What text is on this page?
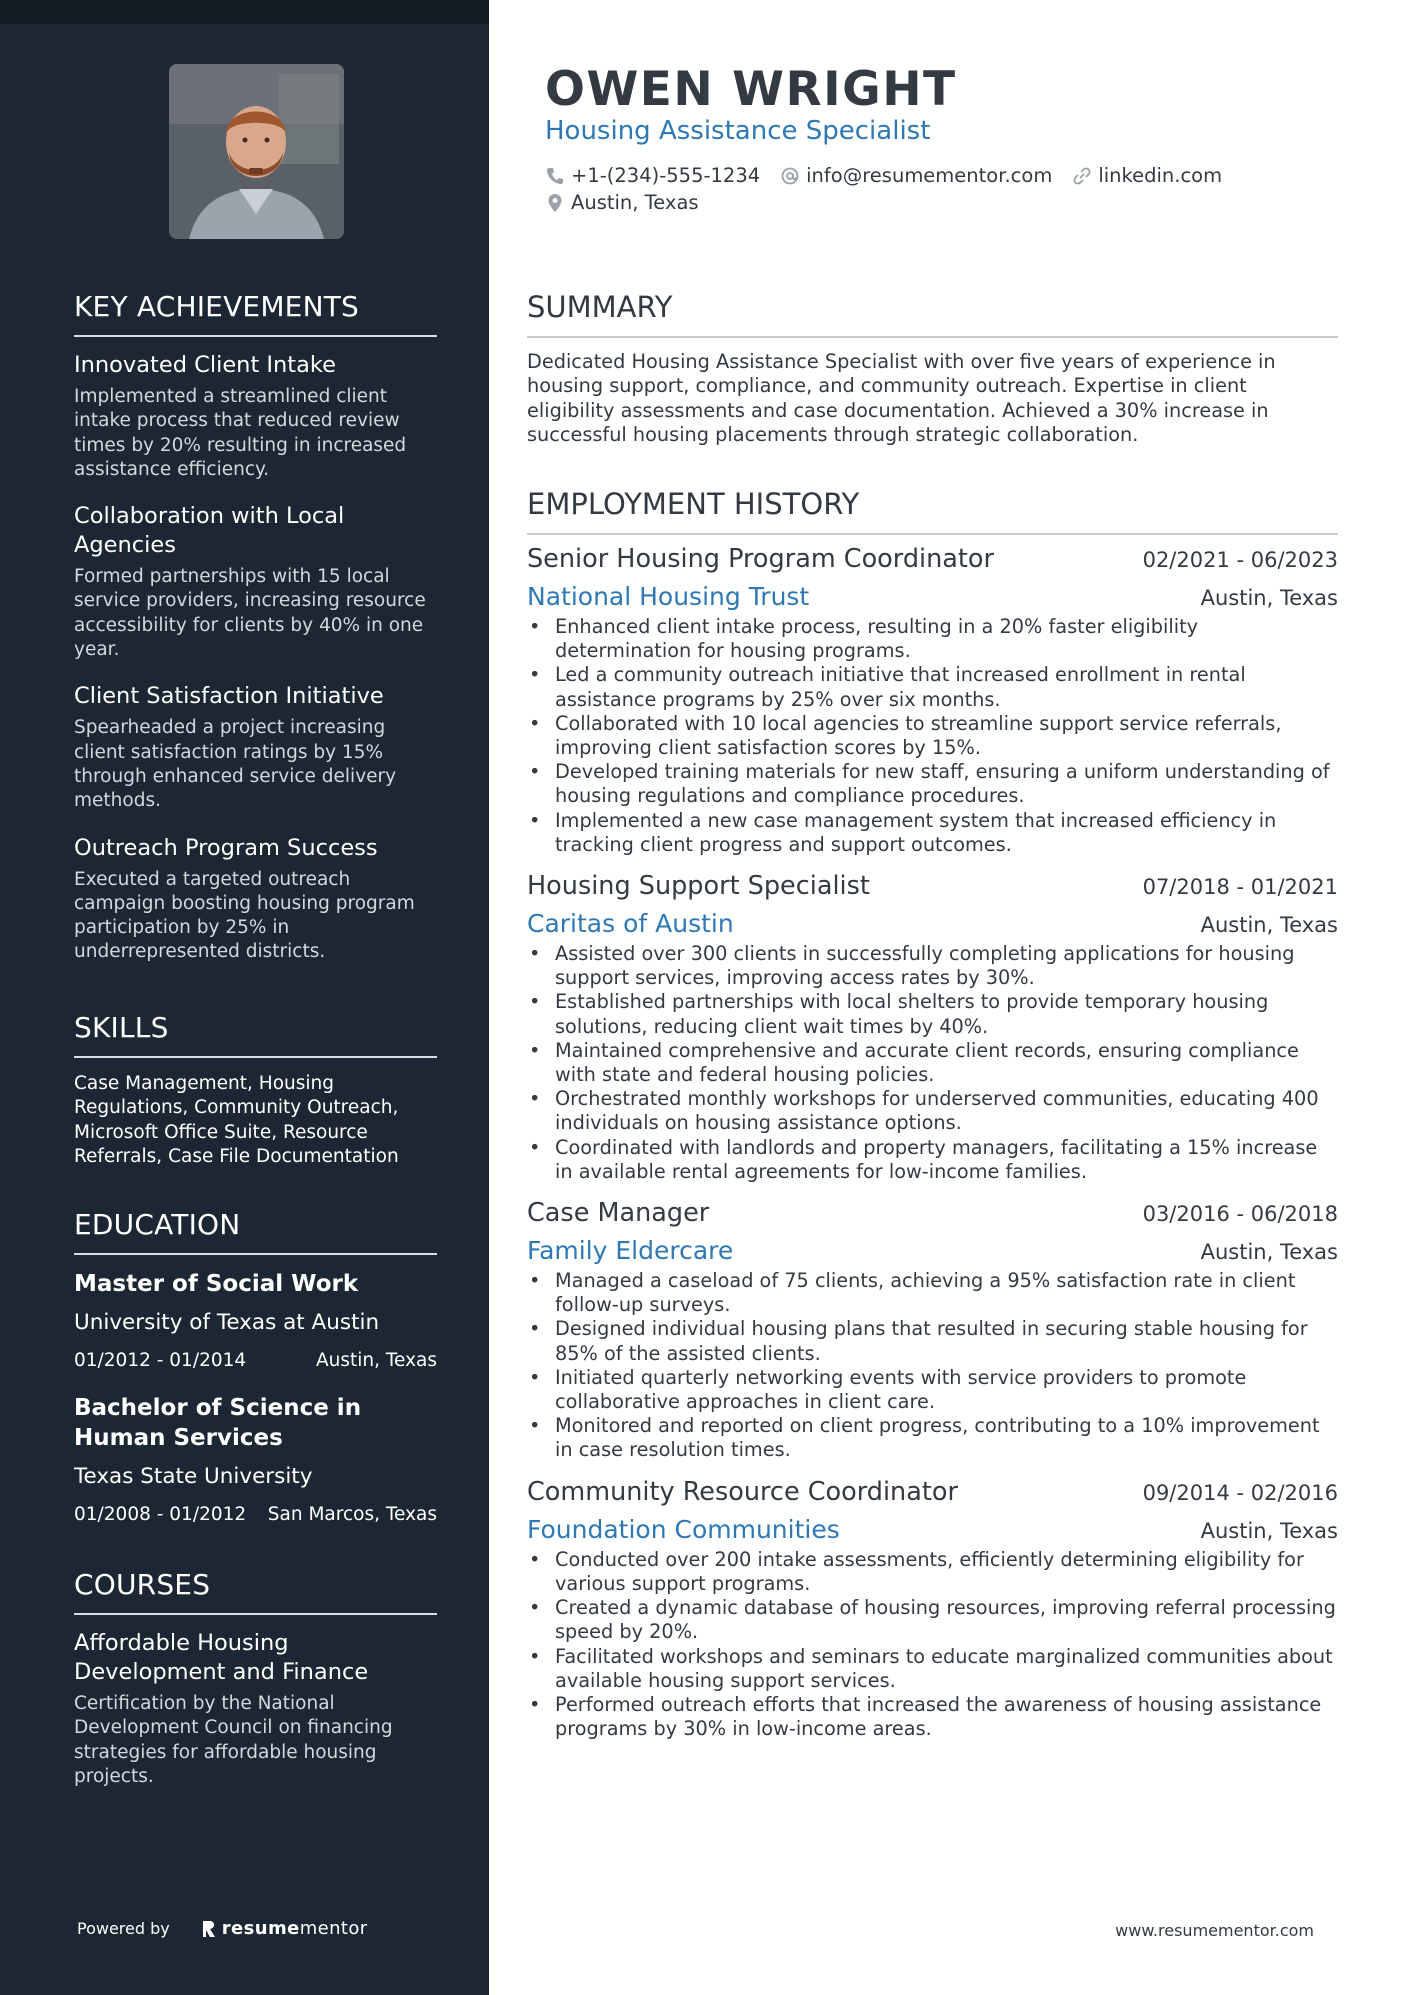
KEY ACHIEVEMENTS
Innovated Client Intake
Implemented a streamlined client intake process that reduced review times by 20% resulting in increased assistance efficiency.
Collaboration with Local Agencies
Formed partnerships with 15 local service providers, increasing resource accessibility for clients by 40% in one year.
Client Satisfaction Initiative
Spearheaded a project increasing client satisfaction ratings by 15% through enhanced service delivery methods.
Outreach Program Success
Executed a targeted outreach campaign boosting housing program participation by 25% in underrepresented districts.
SKILLS
Case Management, Housing Regulations, Community Outreach, Microsoft Office Suite, Resource Referrals, Case File Documentation
EDUCATION
Master of Social Work
University of Texas at Austin
01/2012 - 01/2014	Austin, Texas
Bachelor of Science in Human Services
Texas State University
01/2008 - 01/2012 San Marcos, Texas
COURSES
Affordable Housing Development and Finance
Certification by the National Development Council on financing strategies for affordable housing projects.
Powered by	resumementor
OWEN WRIGHT
Housing Assistance Specialist
+1-(234)-555-1234 info@resumementor.com linkedin.com
Austin, Texas
SUMMARY
Dedicated Housing Assistance Specialist with over five years of experience in housing support, compliance, and community outreach. Expertise in client eligibility assessments and case documentation. Achieved a 30% increase in successful housing placements through strategic collaboration.
EMPLOYMENT HISTORY
Senior Housing Program Coordinator	02/2021 - 06/2023
National Housing Trust	Austin, Texas
• Enhanced client intake process, resulting in a 20% faster eligibility determination for housing programs.
• Led a community outreach initiative that increased enrollment in rental assistance programs by 25% over six months.
• Collaborated with 10 local agencies to streamline support service referrals, improving client satisfaction scores by 15%.
• Developed training materials for new staff, ensuring a uniform understanding of housing regulations and compliance procedures.
• Implemented a new case management system that increased efficiency in tracking client progress and support outcomes.
Housing Support Specialist	07/2018 - 01/2021
Caritas of Austin	Austin, Texas
• Assisted over 300 clients in successfully completing applications for housing support services, improving access rates by 30%.
• Established partnerships with local shelters to provide temporary housing solutions, reducing client wait times by 40%.
• Maintained comprehensive and accurate client records, ensuring compliance with state and federal housing policies.
• Orchestrated monthly workshops for underserved communities, educating 400 individuals on housing assistance options.
• Coordinated with landlords and property managers, facilitating a 15% increase in available rental agreements for low-income families.
Case Manager	03/2016 - 06/2018
Family Eldercare	Austin, Texas
• Managed a caseload of 75 clients, achieving a 95% satisfaction rate in client follow-up surveys.
• Designed individual housing plans that resulted in securing stable housing for 85% of the assisted clients.
• Initiated quarterly networking events with service providers to promote collaborative approaches in client care.
• Monitored and reported on client progress, contributing to a 10% improvement in case resolution times.
Community Resource Coordinator	09/2014 - 02/2016
Foundation Communities	Austin, Texas
• Conducted over 200 intake assessments, efficiently determining eligibility for various support programs.
• Created a dynamic database of housing resources, improving referral processing speed by 20%.
• Facilitated workshops and seminars to educate marginalized communities about available housing support services.
• Performed outreach efforts that increased the awareness of housing assistance programs by 30% in low-income areas.
www.resumementor.com
